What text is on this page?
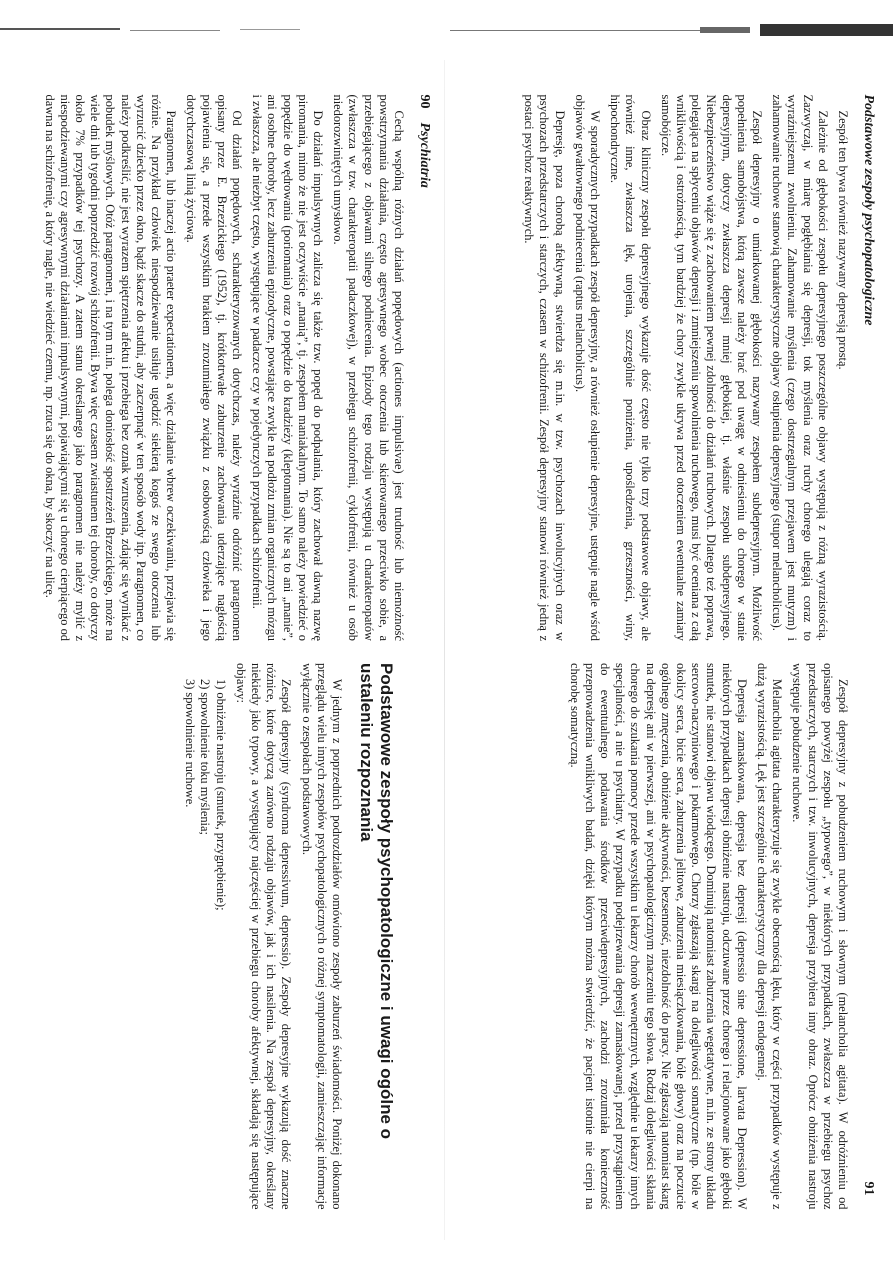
90
Psychiatria

Cechą wspólną różnych działań popędowych (actiones impulsivae) jest trudność lub niemożność powstrzymania działania, często agresywnego wobec otoczenia lub skierowanego przeciwko sobie, a przebiegającego z objawami silnego podniecenia. Epizody tego rodzaju występują u charakteropatów (zwłaszcza w tzw. charakteropatii padaczkowej), w przebiegu schizofrenii, cyklofrenii, również u osób niedorozwiniętych umysłowo.

Do działań impulsywnych zalicza się także tzw. popęd do podpalania, który zachował dawną nazwę piromania, mimo że nie jest oczywiście „manią”, tj. zespołem maniakalnym. To samo należy powiedzieć o popędzie do wędrowania (poriomania) oraz o popędzie do kradzieży (kleptomania). Nie są to ani „manie”, ani osobne choroby, lecz zaburzenia epizodyczne, powstające zwykle na podłożu zmian organicznych mózgu i zwłaszcza, ale niezbyt często, występujące w padaczce czy w pojedynczych przypadkach schizofrenii.

Od działań popędowych, scharakteryzowanych dotychczas, należy wyraźnie odróżnić paragnomen opisany przez E. Brzezickiego (1952), tj. krótkotrwałe zaburzenie zachowania uderzające nagłością pojawienia się, a przede wszystkim brakiem zrozumiałego związku z osobowością człowieka i jego dotychczasową linią życiową.

Paragnomen, lub inaczej actio praeter expectationem, a więc działanie wbrew oczekiwaniu, przejawia się różnie. Na przykład człowiek niespodziewanie usiłuje ugodzić siekierą kogoś ze swego otoczenia lub wyrzucić dziecko przez okno, bądź skacze do studni, aby zaczerpnąć w ten sposób wody itp. Paragnomen, co należy podkreślić, nie jest wyrazem spiętrzenia afektu i przebiega bez oznak wzruszenia, zdając się wynikać z pobudek myślowych. Otóż paragnomen, i na tym m.in. polega doniosłość spostrzeżeń Brzezickiego, może na wiele dni lub tygodni poprzedzić rozwój schizofrenii. Bywa więc czasem zwiastunem tej choroby, co dotyczy około 7% przypadków tej psychozy. A zatem stanu określanego jako paragnomen nie należy mylić z niespodziewanymi czy agresywnymi działaniami impulsywnymi, pojawiającymi się u chorego cierpiącego od dawna na schizofrenię, a który nagle, nie wiedzieć czemu, np. rzuca się do okna, by skoczyć na ulicę.

Podstawowe zespoły psychopatologiczne i uwagi ogólne o ustaleniu rozpoznania

W jednym z poprzednich podrozdziałów omówiono zespoły zaburzeń świadomości. Poniżej dokonano przeglądu wielu innych zespołów psychopatologicznych o różnej symptomatologii, zamieszczając informacje wyłącznie o zespołach podstawowych.

Zespół depresyjny (syndroma depressivum, depressio). Zespoły depresyjne wykazują dość znaczne różnice, które dotyczą zarówno rodzaju objawów, jak i ich nasilenia. Na zespół depresyjny, określany niekiedy jako typowy, a występujący najczęściej w przebiegu choroby afektywnej, składają się następujące objawy:

1) obniżenie nastroju (smutek, przygnębienie);
2) spowolnienie toku myślenia;
3) spowolnienie ruchowe.
Podstawowe zespoły psychopatologiczne
91

Zespół ten bywa również nazywany depresją prostą.

Zależnie od głębokości zespołu depresyjnego poszczególne objawy występują z różną wyrazistością. Zazwyczaj, w miarę pogłębiania się depresji, tok myślenia oraz ruchy chorego ulegają coraz to wyraźniejszemu zwolnieniu. Zahamowanie myślenia (czego dostrzegalnym przejawem jest mutyzm) i zahamowanie ruchowe stanowią charakterystyczne objawy osłupienia depresyjnego (stupor melancholicus).

Zespół depresyjny o umiarkowanej głębokości nazywany zespołem subdepresyjnym. Możliwość popełnienia samobójstwa, którą zawsze należy brać pod uwagę w odniesieniu do chorego w stanie depresyjnym, dotyczy zwłaszcza depresji mniej głębokiej, tj. właśnie zespołu subdepresyjnego. Niebezpieczeństwo wiąże się z zachowaniem pewnej zdolności do działań ruchowych. Dlatego też poprawa, polegająca na spłyceniu objawów depresji i zmniejszeniu spowolnienia ruchowego, musi być oceniana z całą wnikliwością i ostrożnością, tym bardziej że chory zwykle ukrywa przed otoczeniem ewentualne zamiary samobójcze.

Obraz kliniczny zespołu depresyjnego wykazuje dość często nie tylko trzy podstawowe objawy, ale również inne, zwłaszcza lęk, urojenia, szczególnie poniżenia, upośledzenia, grzeszności, winy, hipochondryczne.

W sporadycznych przypadkach zespół depresyjny, a również osłupienie depresyjne, ustępuje nagle wśród objawów gwałtownego podniecenia (raptus melancholicus).

Depresję, poza chorobą afektywną, stwierdza się m.in. w tzw. psychozach inwolucyjnych oraz w psychozach przedstarczych i starczych, czasem w schizofrenii. Zespół depresyjny stanowi również jedną z postaci psychoz reaktywnych.

Zespół depresyjny z pobudzeniem ruchowym i słownym (melancholia agitata). W odróżnieniu od opisanego powyżej zespołu „typowego”, w niektórych przypadkach, zwłaszcza w przebiegu psychoz przedstarczych, starczych i tzw. inwolucyjnych, depresja przybiera inny obraz. Oprócz obniżenia nastroju występuje pobudzenie ruchowe.

Melancholia agitata charakteryzuje się zwykle obecnością lęku, który w części przypadków występuje z dużą wyrazistością. Lęk jest szczególnie charakterystyczny dla depresji endogennej.

Depresja zamaskowana, depresja bez depresji (depressio sine depressione, larvata Depression). W niektórych przypadkach depresji obniżenie nastroju, odczuwane przez chorego i relacjonowane jako głęboki smutek, nie stanowi objawu wiodącego. Dominują natomiast zaburzenia wegetatywne, m.in. ze strony układu sercowo-naczyniowego i pokarmowego. Chorzy zgłaszają skargi na dolegliwości somatyczne (np. bóle w okolicy serca, bicie serca, zaburzenia jelitowe, zaburzenia miesiączkowania, bóle głowy) oraz na poczucie ogólnego zmęczenia, obniżenie aktywności, bezsenność, niezdolność do pracy. Nie zgłaszają natomiast skarg na depresję ani w pierwszej, ani w psychopatologicznym znaczeniu tego słowa. Rodzaj dolegliwości skłania chorego do szukania pomocy przede wszystkim u lekarzy chorób wewnętrznych, względnie u lekarzy innych specjalności, a nie u psychiatry. W przypadku podejrzewania depresji zamaskowanej, przed przystąpieniem do ewentualnego podawania środków przeciwdepresyjnych, zachodzi zrozumiała konieczność przeprowadzenia wnikliwych badań, dzięki którym można stwierdzić, że pacjent istotnie nie cierpi na chorobę somatyczną.
